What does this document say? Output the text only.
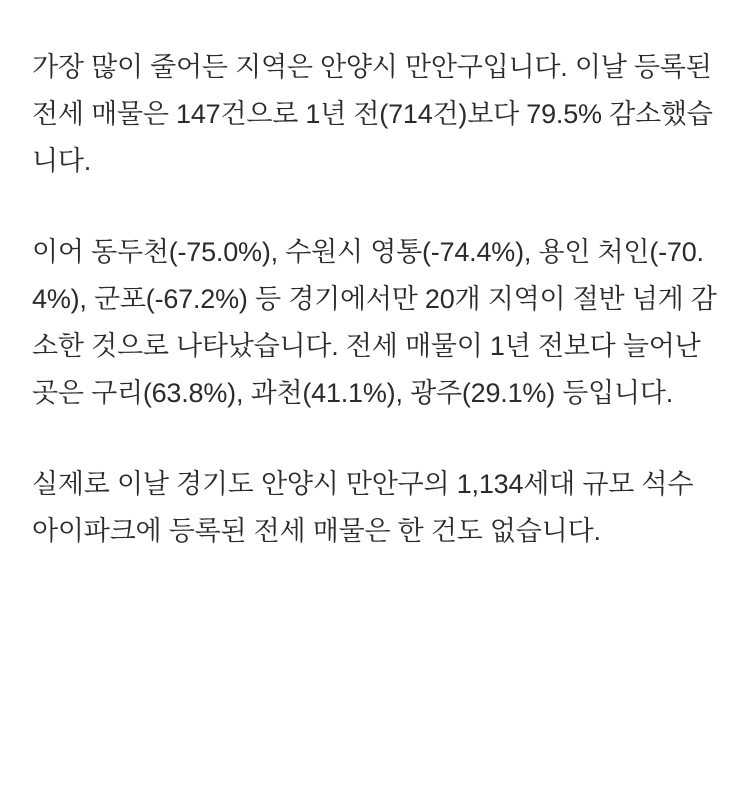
가장 많이 줄어든 지역은 안양시 만안구입니다. 이날 등록된 전세 매물은 147건으로 1년 전(714건)보다 79.5% 감소했습니다.

이어 동두천(-75.0%), 수원시 영통(-74.4%), 용인 처인(-70.4%), 군포(-67.2%) 등 경기에서만 20개 지역이 절반 넘게 감소한 것으로 나타났습니다. 전세 매물이 1년 전보다 늘어난 곳은 구리(63.8%), 과천(41.1%), 광주(29.1%) 등입니다.

실제로 이날 경기도 안양시 만안구의 1,134세대 규모 석수아이파크에 등록된 전세 매물은 한 건도 없습니다.
